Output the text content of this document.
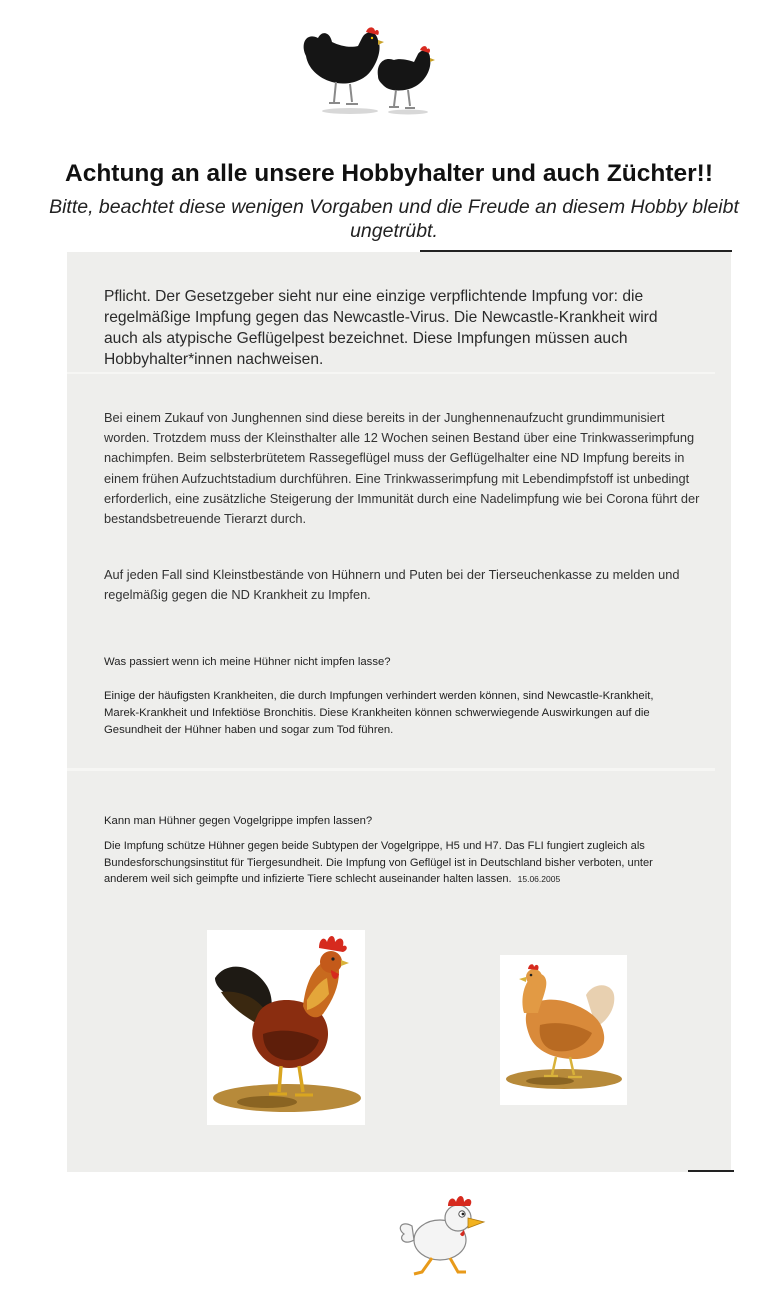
Achtung an alle unsere Hobbyhalter und auch Züchter!!
Bitte, beachtet diese wenigen Vorgaben und die Freude an diesem Hobby bleibt ungetrübt.
Pflicht. Der Gesetzgeber sieht nur eine einzige verpflichtende Impfung vor: die regelmäßige Impfung gegen das Newcastle-Virus. Die Newcastle-Krankheit wird auch als atypische Geflügelpest bezeichnet. Diese Impfungen müssen auch Hobbyhalter*innen nachweisen.
Bei einem Zukauf von Junghennen sind diese bereits in der Junghennenaufzucht grundimmunisiert worden. Trotzdem muss der Kleinsthalter alle 12 Wochen seinen Bestand über eine Trinkwasserimpfung nachimpfen. Beim selbsterbrütetem Rassegeflügel muss der Geflügelhalter eine ND Impfung bereits in einem frühen Aufzuchtstadium durchführen. Eine Trinkwasserimpfung mit Lebendimpfstoff ist unbedingt erforderlich, eine zusätzliche Steigerung der Immunität durch eine Nadelimpfung wie bei Corona führt der bestandsbetreuende Tierarzt durch.
Auf jeden Fall sind Kleinstbestände von Hühnern und Puten bei der Tierseuchenkasse zu melden und regelmäßig gegen die ND Krankheit zu Impfen.
Was passiert wenn ich meine Hühner nicht impfen lasse?
Einige der häufigsten Krankheiten, die durch Impfungen verhindert werden können, sind Newcastle-Krankheit, Marek-Krankheit und Infektiöse Bronchitis. Diese Krankheiten können schwerwiegende Auswirkungen auf die Gesundheit der Hühner haben und sogar zum Tod führen.
Kann man Hühner gegen Vogelgrippe impfen lassen?
Die Impfung schütze Hühner gegen beide Subtypen der Vogelgrippe, H5 und H7. Das FLI fungiert zugleich als Bundesforschungsinstitut für Tiergesundheit. Die Impfung von Geflügel ist in Deutschland bisher verboten, unter anderem weil sich geimpfte und infizierte Tiere schlecht auseinander halten lassen. 15.06.2005
